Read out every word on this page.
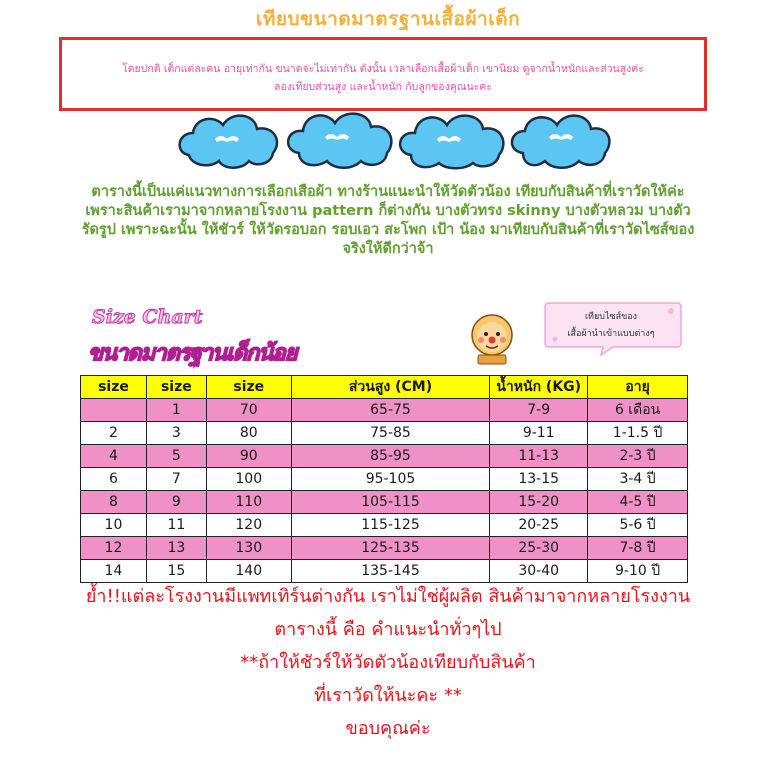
เทียบขนาดมาตรฐานเสื้อผ้าเด็ก
โดยปกติ เด็กแต่ละคน อายุเท่ากัน ขนาดจะไม่เท่ากัน ดังนั้น เวลาเลือกเสื้อผ้าเด็ก เขานิยม ดูจากน้ำหนักและส่วนสูงค่ะ
ลองเทียบส่วนสูง และน้ำหนัก กับลูกของคุณนะคะ
ตารางนี้เป็นแค่แนวทางการเลือกเสือผ้า ทางร้านแนะนำให้วัดตัวน้อง เทียบกับสินค้าที่เราวัดให้ค่ะ
เพราะสินค้าเรามาจากหลายโรงงาน pattern ก็ต่างกัน บางตัวทรง skinny บางตัวหลวม บางตัว
รัดรูป เพราะฉะนั้น ให้ชัวร์ ให้วัดรอบอก รอบเอว สะโพก เป้า น้อง มาเทียบกับสินค้าที่เราวัดไซส์ของ
จริงให้ดีกว่าจ้า
Size Chart
ขนาดมาตรฐานเด็กน้อย
เทียบไซส์ของ
เสื้อผ้านำเข้าแบบต่างๆ
size	size	size	ส่วนสูง (CM)	น้ำหนัก (KG)	อายุ
	1	70	65-75	7-9	6 เดือน
2	3	80	75-85	9-11	1-1.5 ปี
4	5	90	85-95	11-13	2-3 ปี
6	7	100	95-105	13-15	3-4 ปี
8	9	110	105-115	15-20	4-5 ปี
10	11	120	115-125	20-25	5-6 ปี
12	13	130	125-135	25-30	7-8 ปี
14	15	140	135-145	30-40	9-10 ปี
ย้ำ!!แต่ละโรงงานมีแพทเทิร์นต่างกัน เราไม่ใช่ผู้ผลิต สินค้ามาจากหลายโรงงาน
ตารางนี้ คือ คำแนะนำทั่วๆไป
**ถ้าให้ชัวร์ให้วัดตัวน้องเทียบกับสินค้า
ที่เราวัดให้นะคะ **
ขอบคุณค่ะ
